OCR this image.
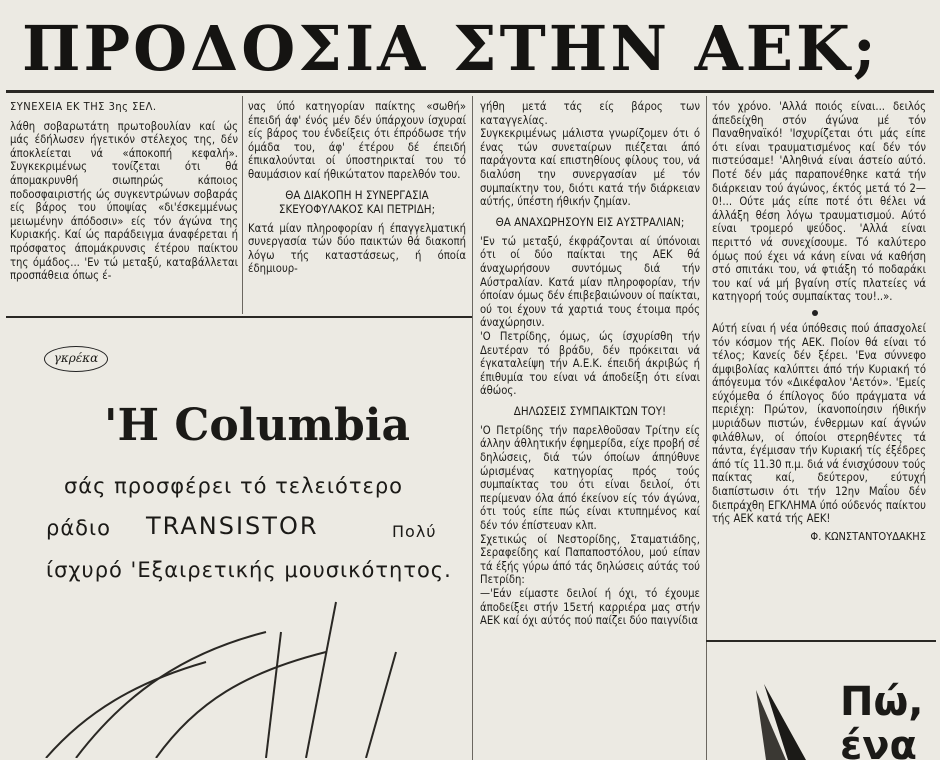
ΠΡΟΔΟΣΙΑ ΣΤΗΝ ΑΕΚ;
ΣΥΝΕΧΕΙΑ ΕΚ ΤΗΣ 3ης ΣΕΛ.

λάθη σοβαρωτάτη πρωτοβουλίαν καί ώς μάς έδήλωσεν ήγετικόν στέλεχος της, δέν άποκλείεται νά «άποκοπή κεφαλή». Συγκεκριμένως τονίζεται ότι θά άπομακρυνθή σιωπηρώς κάποιος ποδοσφαιριστής ώς συγκεντρώνων σοβαράς είς βάρος του ύποψίας «δι'έσκεμμένως μειωμένην άπόδοσιν» είς τόν άγώνα της Κυριακής. Καί ώς παράδειγμα άναφέρεται ή πρόσφατος άπομάκρυνσις έτέρου παίκτου της όμάδος... 'Εν τώ μεταξύ, καταβάλλεται προσπάθεια όπως έ-

νας ύπό κατηγορίαν παίκτης «σωθή» έπειδή άφ' ένός μέν δέν ύπάρχουν ίσχυραί είς βάρος του ένδείξεις ότι έπρόδωσε τήν όμάδα του, άφ' έτέρου δέ έπειδή έπικαλούνται οί ύποστηρικταί του τό θαυμάσιον καί ήθικώτατον παρελθόν του.

ΘΑ ΔΙΑΚΟΠΗ Η ΣΥΝΕΡΓΑΣΙΑ ΣΚΕΥΟΦΥΛΑΚΟΣ ΚΑΙ ΠΕΤΡΙΔΗ;

Κατά μίαν πληροφορίαν ή έπαγγελματική συνεργασία τών δύο παικτών θά διακοπή λόγω τής καταστάσεως, ή όποία έδημιουρ-

γήθη μετά τάς είς βάρος των καταγγελίας.

Συγκεκριμένως μάλιστα γνωρίζομεν ότι ό ένας τών συνεταίρων πιέζεται άπό παράγοντα καί επιστηθίους φίλους του, νά διαλύση την συνεργασίαν μέ τόν συμπαίκτην του, διότι κατά τήν διάρκειαν αύτής, ύπέστη ήθικήν ζημίαν.

ΘΑ ΑΝΑΧΩΡΗΣΟΥΝ ΕΙΣ ΑΥΣΤΡΑΛΙΑΝ;

'Εν τώ μεταξύ, έκφράζονται αί ύπόνοιαι ότι οί δύο παίκται της ΑΕΚ θά άναχωρήσουν συντόμως διά τήν Αύστραλίαν. Κατά μίαν πληροφορίαν, τήν όποίαν όμως δέν έπιβεβαιώνουν οί παίκται, ού τοι έχουν τά χαρτιά τους έτοιμα πρός άναχώρησιν.

'Ο Πετρίδης, όμως, ώς ίσχυρίσθη τήν Δευτέραν τό βράδυ, δέν πρόκειται νά έγκαταλείψη τήν Α.Ε.Κ. έπειδή άκριβώς ή έπιθυμία του είναι νά άποδείξη ότι είναι άθώος.

ΔΗΛΩΣΕΙΣ ΣΥΜΠΑΙΚΤΩΝ ΤΟΥ!

'Ο Πετρίδης τήν παρελθοῦσαν Τρίτην είς άλλην άθλητικήν έφημερίδα, είχε προβή σέ δηλώσεις, διά τών όποίων άπηύθυνε ώρισμένας κατηγορίας πρός τούς συμπαίκτας του ότι είναι δειλοί, ότι περίμεναν όλα άπό έκείνον είς τόν άγώνα, ότι τούς είπε πώς είναι κτυπημένος καί δέν τόν έπίστευαν κλπ.

Σχετικώς οί Νεστορίδης, Σταματιάδης, Σεραφείδης καί Παπαποστόλου, μού είπαν τά έξής γύρω άπό τάς δηλώσεις αύτάς τού Πετρίδη:

—'Εάν είμαστε δειλοί ή όχι, τό έχουμε άποδείξει στήν 15ετή καρριέρα μας στήν ΑΕΚ καί όχι αύτός πού παίζει δύο παιγνίδια

τόν χρόνο. 'Αλλά ποιός είναι... δειλός άπεδείχθη στόν άγώνα μέ τόν Παναθηναϊκό! 'Ισχυρίζεται ότι μάς είπε ότι είναι τραυματισμένος καί δέν τόν πιστεύσαμε! 'Αληθινά είναι άστείο αύτό. Ποτέ δέν μάς παραπονέθηκε κατά τήν διάρκειαν τού άγώνος, έκτός μετά τό 2—0!... Ούτε μάς είπε ποτέ ότι θέλει νά άλλάξη θέση λόγω τραυματισμού. Αύτό είναι τρομερό ψεύδος. 'Αλλά είναι περιττό νά συνεχίσουμε. Τό καλύτερο όμως πού έχει νά κάνη είναι νά καθήση στό σπιτάκι του, νά φτιάξη τό ποδαράκι του καί νά μή βγαίνη στίς πλατείες νά κατηγορή τούς συμπαίκτας του!..».

Αύτή είναι ή νέα ύπόθεσις πού άπασχολεί τόν κόσμον τής ΑΕΚ. Ποίον θά είναι τό τέλος; Κανείς δέν ξέρει. 'Ενα σύννεφο άμφιβολίας καλύπτει άπό τήν Κυριακή τό άπόγευμα τόν «Δικέφαλον 'Αετόν». 'Εμείς εύχόμεθα ό έπίλογος δύο πράγματα νά περιέχη: Πρώτον, ίκανοποίησιν ήθικήν μυριάδων πιστών, ένθερμων καί άγνών φιλάθλων, οί όποίοι στερηθέντες τά πάντα, έγέμισαν τήν Κυριακή τίς έξέδρες άπό τίς 11.30 π.μ. διά νά ένισχύσουν τούς παίκτας καί, δεύτερον, εύτυχή διαπίστωσιν ότι τήν 12ην Μαΐου δέν διεπράχθη ΕΓΚΛΗΜΑ ύπό ούδενός παίκτου τής ΑΕΚ κατά τής ΑΕΚ!

Φ. ΚΩΝΣΤΑΝΤΟΥΔΑΚΗΣ
Πώ,
ένα
γκρέκα
'H Columbia
σάς προσφέρει τό τελειότερο
ράδιο TRANSISTOR	Πολύ
ίσχυρό 'Εξαιρετικής μουσικότητος.
